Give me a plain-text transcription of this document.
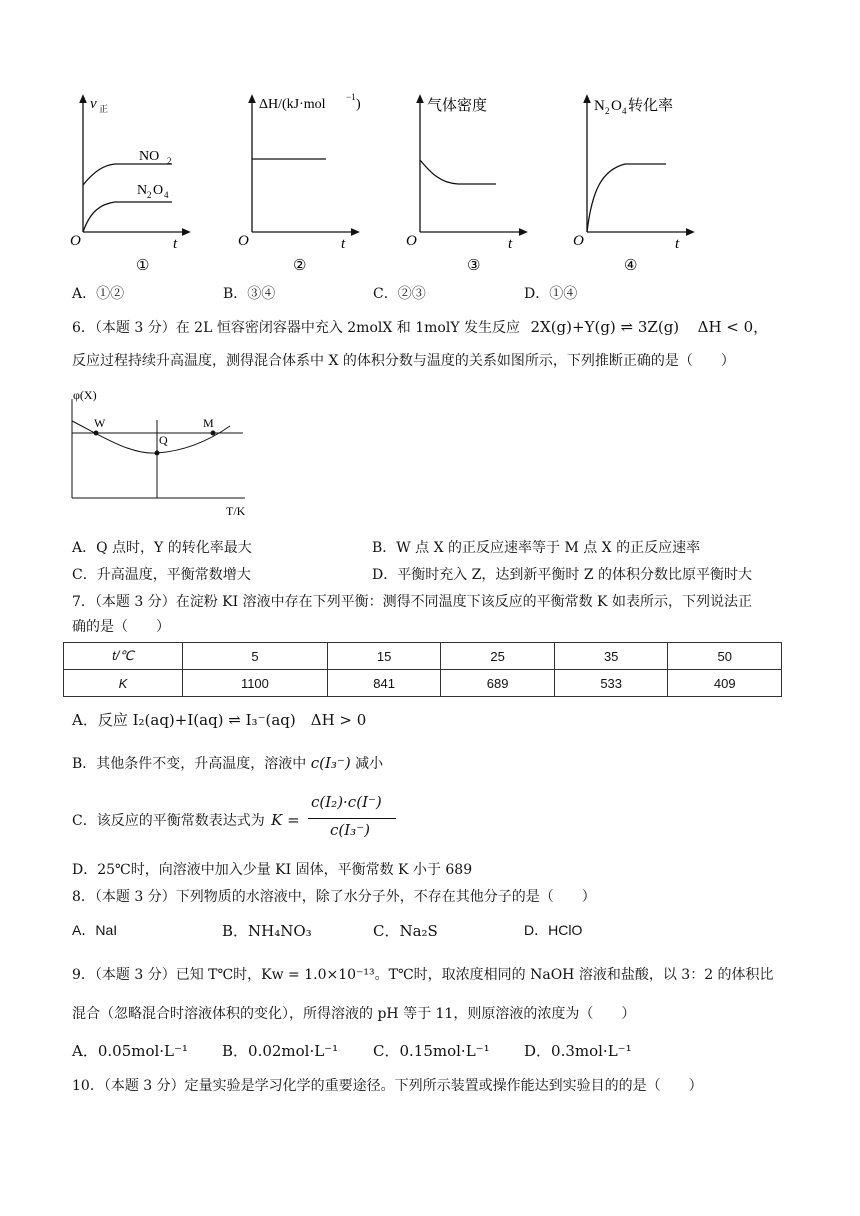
v 正
NO 2
N 2 O 4
O	t
①
ΔH/(kJ·mol −1 )
O	t
②
气体密度
O	t
③
N 2 O 4 转化率
O	t
④
A．①②	B．③④	C．②③	D．①④
6．（本题 3 分）在 2L 恒容密闭容器中充入 2molX 和 1molY 发生反应 2X(g)+Y(g) ⇌ 3Z(g) ΔH < 0，
反应过程持续升高温度，测得混合体系中 X 的体积分数与温度的关系如图所示，下列推断正确的是（　　）
φ(X)
W
Q
M
T/K
A．Q 点时，Y 的转化率最大	B．W 点 X 的正反应速率等于 M 点 X 的正反应速率
C．升高温度，平衡常数增大	D．平衡时充入 Z，达到新平衡时 Z 的体积分数比原平衡时大
7．（本题 3 分）在淀粉 KI 溶液中存在下列平衡：测得不同温度下该反应的平衡常数 K 如表所示，下列说法正
确的是（　　）
t/℃	5	15	25	35	50
K	1100	841	689	533	409
A．反应 I₂(aq)+I(aq) ⇌ I₃⁻(aq)　ΔH > 0
B．其他条件不变，升高温度，溶液中 c(I₃⁻) 减小
C．该反应的平衡常数表达式为 K =
c(I₂)·c(I⁻)
c(I₃⁻)
D．25℃时，向溶液中加入少量 KI 固体，平衡常数 K 小于 689
8．（本题 3 分）下列物质的水溶液中，除了水分子外，不存在其他分子的是（　　）
A．NaI	B．NH₄NO₃	C．Na₂S	D．HClO
9．（本题 3 分）已知 T℃时，Kw = 1.0×10⁻¹³。T℃时，取浓度相同的 NaOH 溶液和盐酸，以 3：2 的体积比
混合（忽略混合时溶液体积的变化），所得溶液的 pH 等于 11，则原溶液的浓度为（　　）
A．0.05mol·L⁻¹ B．0.02mol·L⁻¹ C．0.15mol·L⁻¹ D．0.3mol·L⁻¹
10．（本题 3 分）定量实验是学习化学的重要途径。下列所示装置或操作能达到实验目的的是（　　）
